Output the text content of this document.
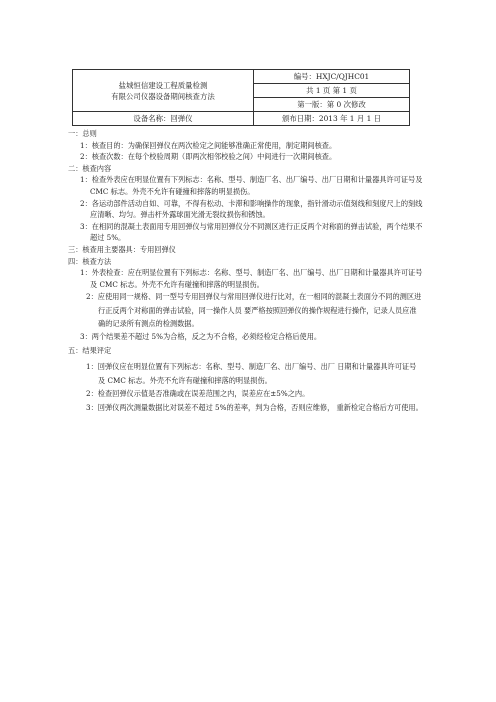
盐城恒信建设工程质量检测
有限公司仪器设备期间核查方法	编号：HXJC/QJHC01
	共 1 页 第 1 页
	第一版：第 0 次修改
设备名称：回弹仪	颁布日期：2013 年 1 月 1 日

一：总则

1：核查目的：为确保回弹仪在两次检定之间能够准确正常使用，制定期间核查。

2：核查次数：在每个校验周期（即两次相邻校验之间）中间进行一次期间核查。

二：核查内容

1：检查外表应在明显位置有下列标志：名称、型号、制造厂名、出厂编号、出厂日期和计量器具许可证号及 CMC 标志。外壳不允许有碰撞和摔落的明显损伤。

2：各运动部件活动自如、可靠，不得有松动、卡滞和影响操作的现象，指针滑动示值刻线和刻度尺上的刻线应清晰、均匀。弹击杆外露球面光滑无裂纹损伤和锈蚀。

3：在相同的混凝土表面用专用回弹仪与常用回弹仪分不同测区进行正反两个对称面的弹击试验，两个结果不超过 5%。

三：核查用主要器具：专用回弹仪

四：核查方法

1：外表检查：应在明显位置有下列标志：名称、型号、制造厂名、出厂编号、出厂日期和计量器具许可证号及 CMC 标志。外壳不允许有碰撞和摔落的明显损伤。

2：应使用同一规格、同一型号专用回弹仪与常用回弹仪进行比对，在一相同的混凝土表面分不同的测区进行正反两个对称面的弹击试验，同一操作人员 要严格按照回弹仪的操作规程进行操作，记录人员应准确的记录所有测点的检测数据。

3：两个结果差不超过 5%为合格，反之为不合格，必须经检定合格后使用。

五：结果评定

1：回弹仪应在明显位置有下列标志：名称、型号、制造厂名、出厂编号、出厂 日期和计量器具许可证号及 CMC 标志。外壳不允许有碰撞和摔落的明显损伤。

2：检查回弹仪示值是否准确或在误差范围之内，误差应在±5%之内。

3：回弹仪两次测量数据比对误差不超过 5%的差率，判为合格，否则应维修， 重新检定合格后方可使用。
